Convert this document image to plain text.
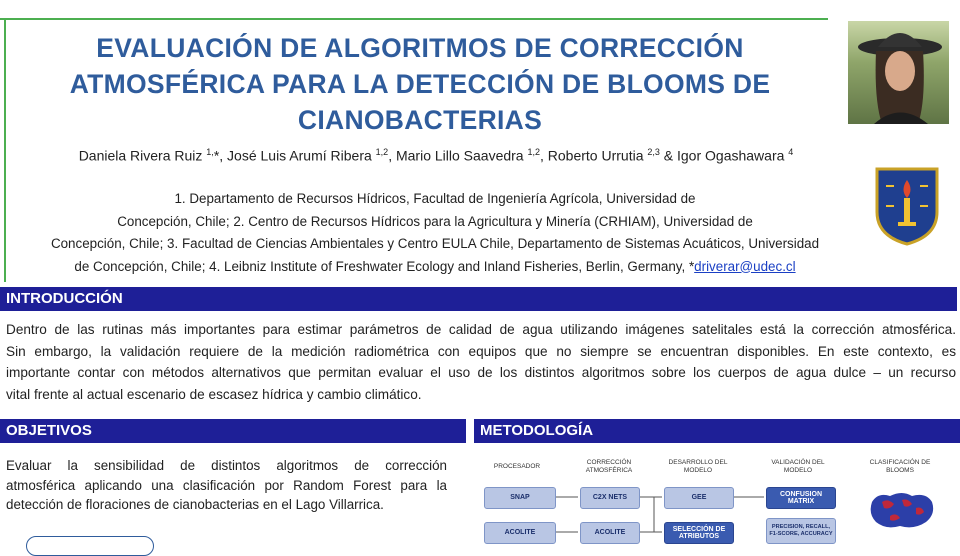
EVALUACIÓN DE ALGORITMOS DE CORRECCIÓN
ATMOSFÉRICA PARA LA DETECCIÓN DE BLOOMS DE
CIANOBACTERIAS
Daniela Rivera Ruiz $^{1,}$*, José Luis Arumí Ribera $^{1,2}$, Mario Lillo Saavedra $^{1,2}$, Roberto Urrutia $^{2,3}$ & Igor Ogashawara $^4$
1. Departamento de Recursos Hídricos, Facultad de Ingeniería Agrícola, Universidad de
Concepción, Chile; 2. Centro de Recursos Hídricos para la Agricultura y Minería (CRHIAM), Universidad de
Concepción, Chile; 3. Facultad de Ciencias Ambientales y Centro EULA Chile, Departamento de Sistemas Acuáticos, Universidad
de Concepción, Chile; 4. Leibniz Institute of Freshwater Ecology and Inland Fisheries, Berlin, Germany, *driverar@udec.cl
INTRODUCCIÓN
Dentro de las rutinas más importantes para estimar parámetros de calidad de agua utilizando imágenes satelitales está la corrección atmosférica.
Sin embargo, la validación requiere de la medición radiométrica con equipos que no siempre se encuentran disponibles. En este contexto, es
importante contar con métodos alternativos que permitan evaluar el uso de los distintos algoritmos sobre los cuerpos de agua dulce – un recurso
vital frente al actual escenario de escasez hídrica y cambio climático.
OBJETIVOS	METODOLOGÍA
Evaluar la sensibilidad de distintos algoritmos de corrección
atmosférica aplicando una clasificación por Random Forest para la
detección de floraciones de cianobacterias en el Lago Villarrica.
PROCESADOR
CORRECCIÓN
ATMOSFÉRICA
DESARROLLO DEL
MODELO
VALIDACIÓN DEL
MODELO
CLASIFICACIÓN DE
BLOOMS
SNAP	C2X NETS	GEE
CONFUSION
MATRIX
ACOLITE	ACOLITE
SELECCIÓN DE
ATRIBUTOS
PRECISION, RECALL,
F1-SCORE, ACCURACY
